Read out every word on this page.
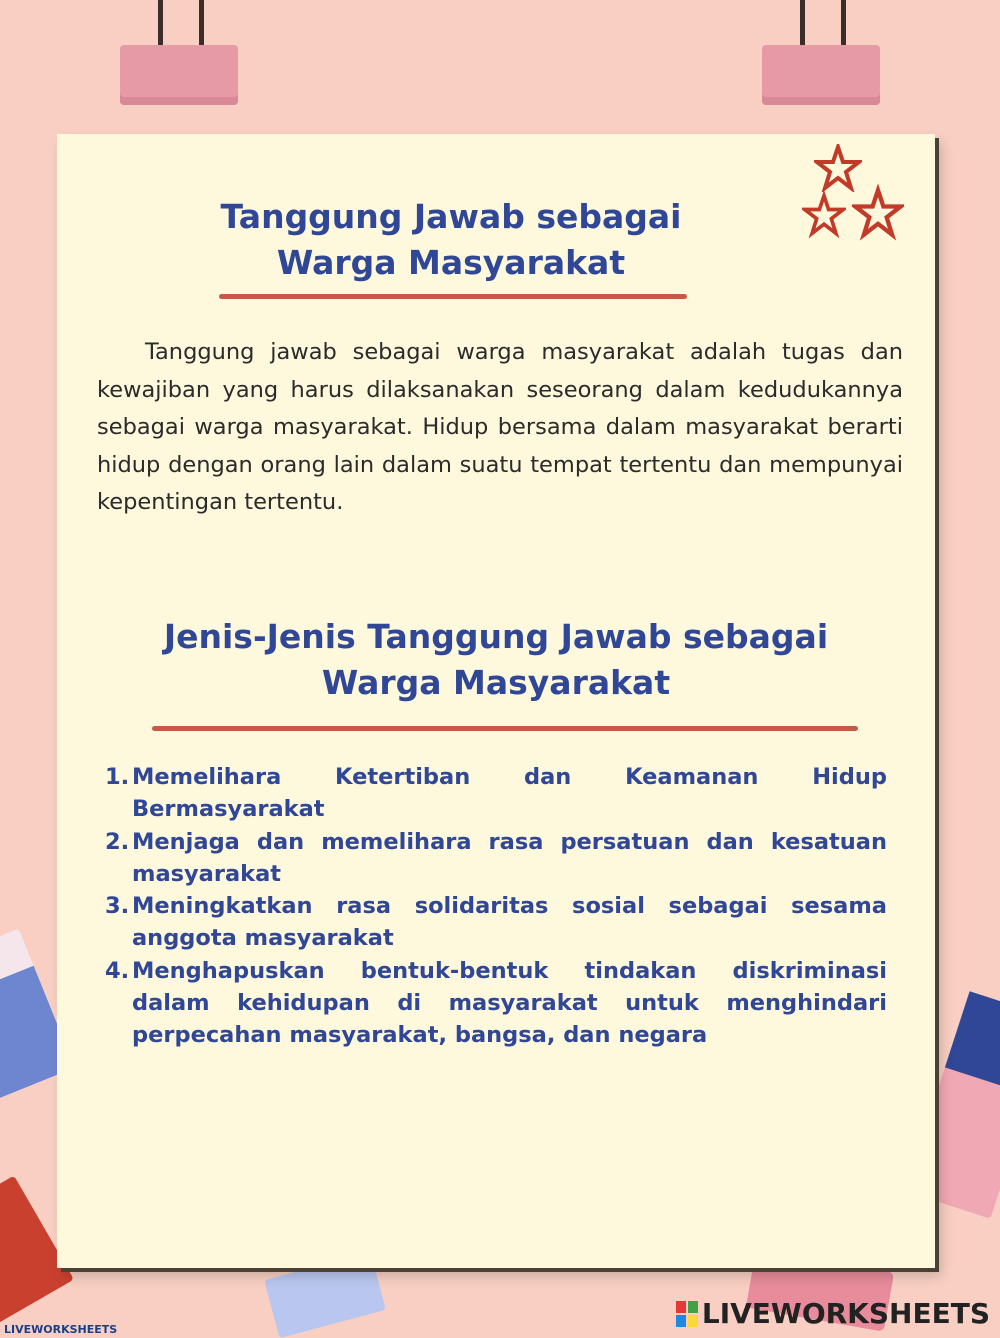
Tanggung Jawab sebagai
Warga Masyarakat

Tanggung jawab sebagai warga masyarakat adalah tugas dan kewajiban yang harus dilaksanakan seseorang dalam kedudukannya sebagai warga masyarakat. Hidup bersama dalam masyarakat berarti hidup dengan orang lain dalam suatu tempat tertentu dan mempunyai kepentingan tertentu.

Jenis-Jenis Tanggung Jawab sebagai
Warga Masyarakat
1. Memelihara Ketertiban dan Keamanan Hidup Bermasyarakat
2. Menjaga dan memelihara rasa persatuan dan kesatuan masyarakat
3. Meningkatkan rasa solidaritas sosial sebagai sesama anggota masyarakat
4. Menghapuskan bentuk-bentuk tindakan diskriminasi dalam kehidupan di masyarakat untuk menghindari perpecahan masyarakat, bangsa, dan negara
LIVEWORKSHEETS
LIVEWORKSHEETS
